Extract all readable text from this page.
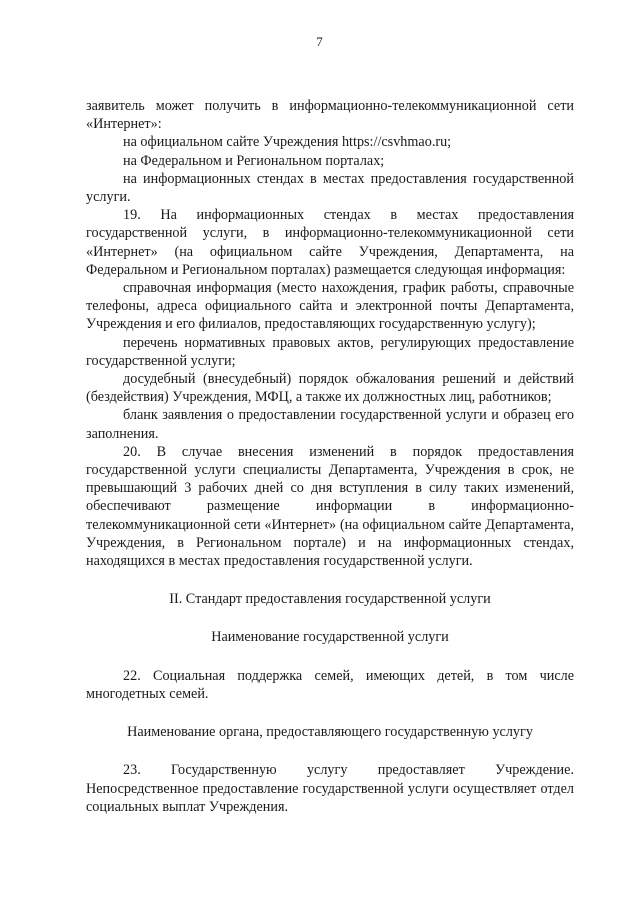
7

заявитель может получить в информационно-телекоммуникационной сети «Интернет»:

на официальном сайте Учреждения https://csvhmao.ru;

на Федеральном и Региональном порталах;

на информационных стендах в местах предоставления государственной услуги.

19. На информационных стендах в местах предоставления государственной услуги, в информационно-телекоммуникационной сети «Интернет» (на официальном сайте Учреждения, Департамента, на Федеральном и Региональном порталах) размещается следующая информация:

справочная информация (место нахождения, график работы, справочные телефоны, адреса официального сайта и электронной почты Департамента, Учреждения и его филиалов, предоставляющих государственную услугу);

перечень нормативных правовых актов, регулирующих предоставление государственной услуги;

досудебный (внесудебный) порядок обжалования решений и действий (бездействия) Учреждения, МФЦ, а также их должностных лиц, работников;

бланк заявления о предоставлении государственной услуги и образец его заполнения.

20. В случае внесения изменений в порядок предоставления государственной услуги специалисты Департамента, Учреждения в срок, не превышающий 3 рабочих дней со дня вступления в силу таких изменений, обеспечивают размещение информации в информационно-телекоммуникационной сети «Интернет» (на официальном сайте Департамента, Учреждения, в Региональном портале) и на информационных стендах, находящихся в местах предоставления государственной услуги.

II. Стандарт предоставления государственной услуги

Наименование государственной услуги

22. Социальная поддержка семей, имеющих детей, в том числе многодетных семей.

Наименование органа, предоставляющего государственную услугу

23. Государственную услугу предоставляет Учреждение. Непосредственное предоставление государственной услуги осуществляет отдел социальных выплат Учреждения.
